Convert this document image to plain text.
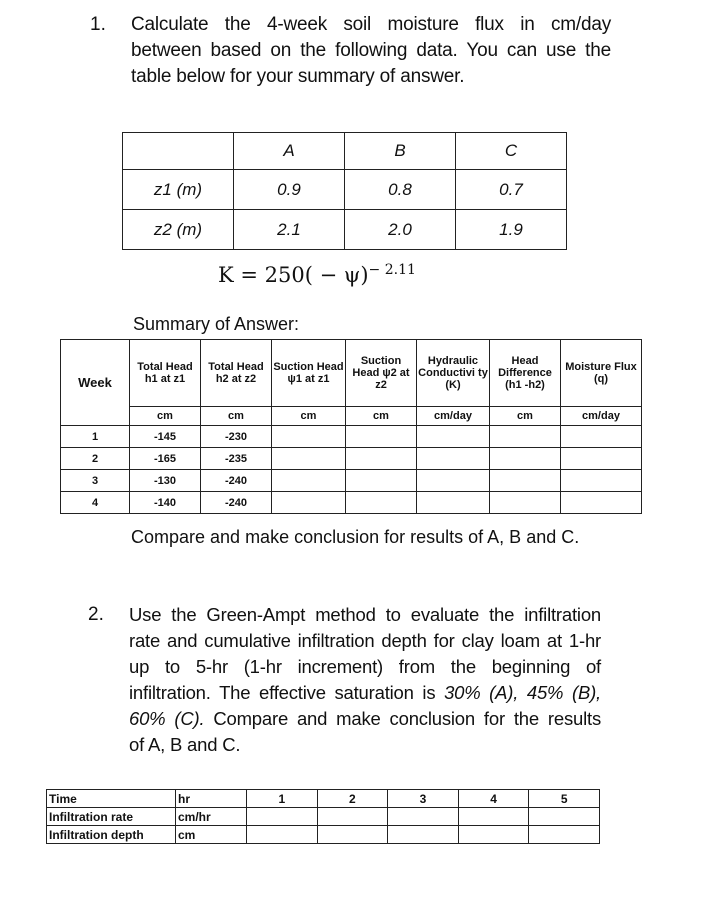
1. Calculate the 4-week soil moisture flux in cm/day
between based on the following data. You can use the
table below for your summary of answer.
	A	B	C
z1 (m)	0.9	0.8	0.7
z2 (m)	2.1	2.0	1.9
$K = 250( - \psi)^{- 2.11}$
Summary of Answer:
Week	Total Head h1 at z1	Total Head h2 at z2	Suction Head ψ1 at z1	Suction Head ψ2 at z2	Hydraulic Conductivi ty (K)	Head Difference (h1 -h2)	Moisture Flux (q)
	cm	cm	cm	cm	cm/day	cm	cm/day
1	-145	-230					
2	-165	-235					
3	-130	-240					
4	-140	-240					
Compare and make conclusion for results of A, B and C.
2. Use the Green-Ampt method to evaluate the infiltration
rate and cumulative infiltration depth for clay loam at 1-hr
up to 5-hr (1-hr increment) from the beginning of
infiltration. The effective saturation is 30% (A), 45% (B),
60% (C). Compare and make conclusion for the results
of A, B and C.
Time	hr	1	2	3	4	5
Infiltration rate	cm/hr					
Infiltration depth	cm					
